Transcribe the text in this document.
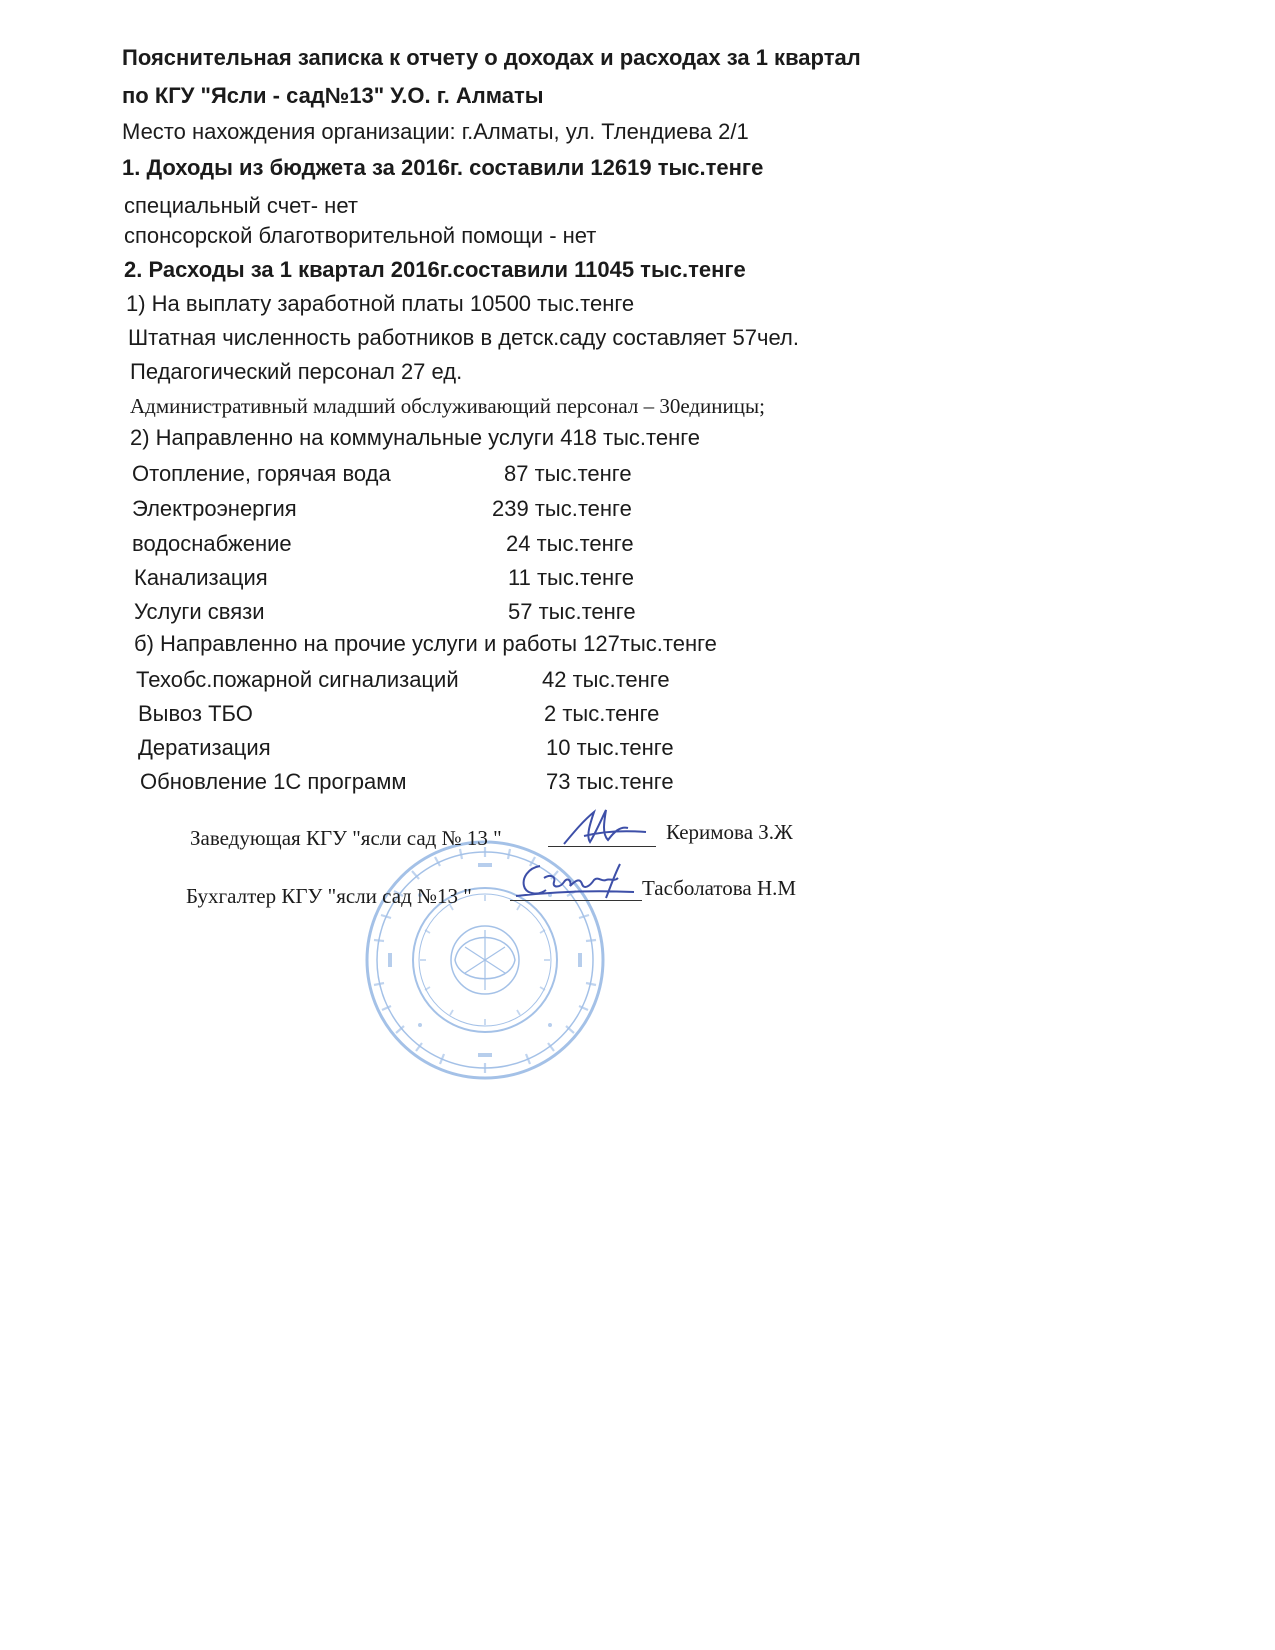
Пояснительная записка к отчету о доходах и расходах за 1 квартал
по КГУ "Ясли - сад№13" У.О. г. Алматы
Место нахождения организации: г.Алматы, ул. Тлендиева 2/1
1. Доходы из бюджета за 2016г. составили 12619 тыс.тенге
специальный счет- нет
спонсорской благотворительной помощи - нет
2. Расходы за 1 квартал 2016г.составили 11045 тыс.тенге
1) На выплату заработной платы 10500 тыс.тенге
Штатная численность работников в детск.саду составляет 57чел.
Педагогический персонал 27 ед.
Административный младший обслуживающий персонал – 30единицы;
2) Направленно на коммунальные услуги 418 тыс.тенге
Отопление, горячая вода	87 тыс.тенге
Электроэнергия	239 тыс.тенге
водоснабжение	24 тыс.тенге
Канализация	11 тыс.тенге
Услуги связи	57 тыс.тенге
б) Направленно на прочие услуги и работы 127тыс.тенге
Техобс.пожарной сигнализаций	42 тыс.тенге
Вывоз ТБО	2 тыс.тенге
Дератизация	10 тыс.тенге
Обновление 1С программ	73 тыс.тенге
Заведующая КГУ "ясли сад № 13 "	Керимова З.Ж
Бухгалтер КГУ "ясли сад №13 "	Тасболатова Н.М
